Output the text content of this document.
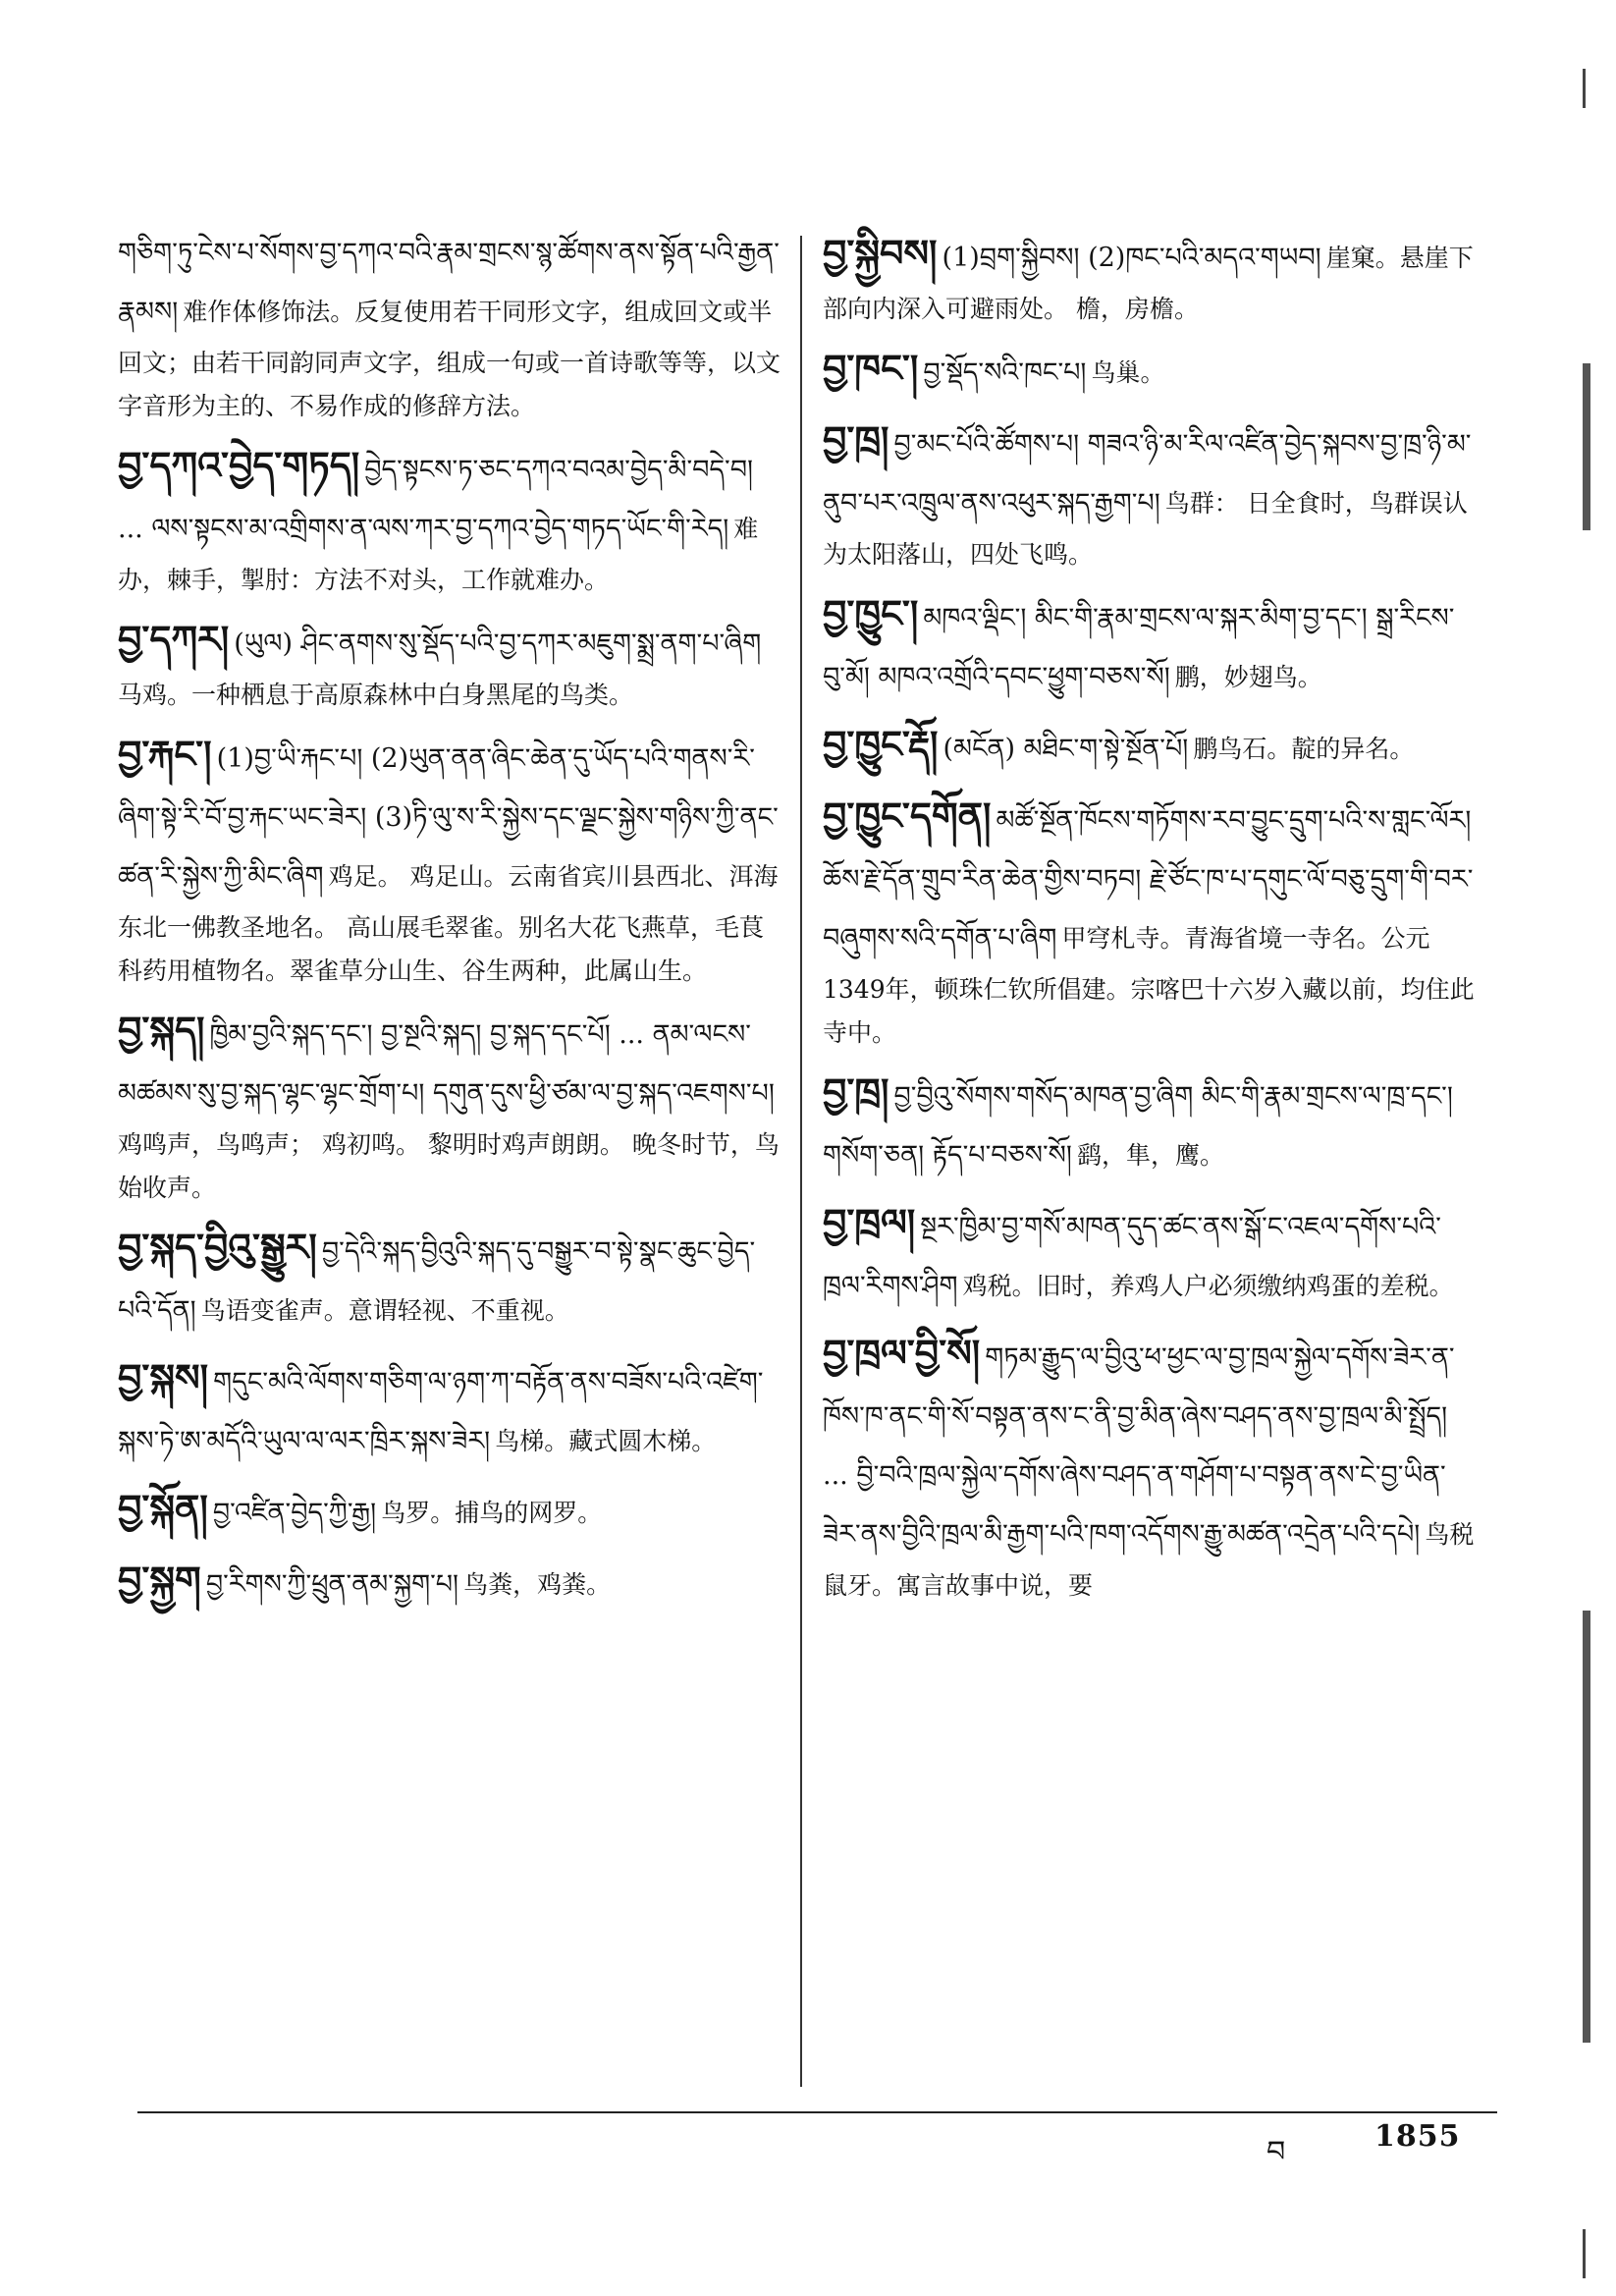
གཅིག་ཏུ་ངེས་པ་སོགས་བྱ་དཀའ་བའི་རྣམ་གྲངས་སྙ་ཚོགས་ནས་སྟོན་པའི་རྒྱན་རྣམས། 难作体修饰法。反复使用若干同形文字，组成回文或半回文；由若干同韵同声文字，组成一句或一首诗歌等等，以文字音形为主的、不易作成的修辞方法。
བྱ་དཀའ་བྱེད་གཏད། བྱེད་སྟངས་ཏ་ཅང་དཀའ་བའམ་བྱེད་མི་བདེ་བ། ... ལས་སྟངས་མ་འགྲིགས་ན་ལས་ཀར་བྱ་དཀའ་བྱེད་གཏད་ཡོང་གི་རེད། 难办，棘手，掣肘：方法不对头，工作就难办。
བྱ་དཀར། (ཡུལ) ཤིང་ནགས་སུ་སྡོད་པའི་བྱ་དཀར་མཇུག་སྨྲ་ནག་པ་ཞིག 马鸡。一种栖息于高原森林中白身黑尾的鸟类。
བྱ་རྐང་། (1)བྱ་ཡི་རྐང་པ། (2)ཡུན་ནན་ཞིང་ཆེན་དུ་ཡོད་པའི་གནས་རི་ཞིག་སྟེ་རི་བོ་བྱ་རྐང་ཡང་ཟེར། (3)ཏི་ལུ་ས་རི་སྐྱེས་དང་ལྗང་སྐྱེས་གཉིས་ཀྱི་ནང་ཚན་རི་སྐྱེས་ཀྱི་མིང་ཞིག 鸡足。 鸡足山。云南省宾川县西北、洱海东北一佛教圣地名。 高山展毛翠雀。别名大花飞燕草，毛茛科药用植物名。翠雀草分山生、谷生两种，此属山生。
བྱ་སྐད། ཁྱིམ་བྱའི་སྐད་དང་། བྱ་སྔའི་སྐད། བྱ་སྐད་དང་པོ། ... ནམ་ལངས་མཚམས་སུ་བྱ་སྐད་ལྷང་ལྷང་གྲོག་པ། དགུན་དུས་ཕྱི་ཙམ་ལ་བྱ་སྐད་འཇགས་པ། 鸡鸣声，鸟鸣声； 鸡初鸣。 黎明时鸡声朗朗。 晚冬时节，鸟始收声。
བྱ་སྐད་བྱིའུ་སྒྱུར། བྱ་དེའི་སྐད་བྱིའུའི་སྐད་དུ་བསྒྱུར་བ་སྟེ་སྣང་ཆུང་བྱེད་པའི་དོན། 鸟语变雀声。意谓轻视、不重视。
བྱ་སྐས། གདུང་མའི་ལོགས་གཅིག་ལ་ཉག་ཀ་བརྟོན་ནས་བཟོས་པའི་འཛེག་སྐས་ཏེ་ཨ་མདོའི་ཡུལ་ལ་ལར་ཁྲིར་སྐས་ཟེར། 鸟梯。藏式圆木梯。
བྱ་སྐོན། བྱ་འཛིན་བྱེད་ཀྱི་རྒྱ། 鸟罗。捕鸟的网罗。
བྱ་སྐྱག བྱ་རིགས་ཀྱི་ཕྲུན་ནམ་སྐྱག་པ། 鸟粪，鸡粪。
བྱ་སྐྱིབས། (1)བྲག་སྐྱིབས། (2)ཁང་པའི་མདའ་གཡབ། 崖窠。悬崖下部向内深入可避雨处。 檐，房檐。
བྱ་ཁང་། བྱ་སྡོད་སའི་ཁང་པ། 鸟巢。
བྱ་ཁྲ། བྱ་མང་པོའི་ཚོགས་པ། གཟའ་ཉི་མ་རིལ་འཛིན་བྱེད་སྐབས་བྱ་ཁྲ་ཉི་མ་ནུབ་པར་འཁྲུལ་ནས་འཕུར་སྐད་རྒྱག་པ། 鸟群： 日全食时，鸟群误认为太阳落山，四处飞鸣。
བྱ་ཁྱུང་། མཁའ་ལྡིང་། མིང་གི་རྣམ་གྲངས་ལ་སྐར་མིག་བྱ་དང་། སྒྲ་རིངས་བུ་མོ། མཁའ་འགྲོའི་དབང་ཕྱུག་བཅས་སོ། 鹏，妙翅鸟。
བྱ་ཁྱུང་རྡོ། (མངོན) མཐིང་ག་སྟེ་སྔོན་པོ། 鹏鸟石。靛的异名。
བྱ་ཁྱུང་དགོན། མཚོ་སྔོན་ཁོངས་གཏོགས་རབ་བྱུང་དྲུག་པའི་ས་གླང་ལོར། ཆོས་རྗེ་དོན་གྲུབ་རིན་ཆེན་གྱིས་བཏབ། རྗེ་ཙོང་ཁ་པ་དགུང་ལོ་བཅུ་དྲུག་གི་བར་བཞུགས་སའི་དགོན་པ་ཞིག 甲穹札寺。青海省境一寺名。公元1349年，顿珠仁钦所倡建。宗喀巴十六岁入藏以前，均住此寺中。
བྱ་ཁྲ། བྱ་བྱིའུ་སོགས་གསོད་མཁན་བྱ་ཞིག མིང་གི་རྣམ་གྲངས་ལ་ཁྲ་དང་། གསོག་ཅན། རྟོད་པ་བཅས་སོ། 鹞，隼，鹰。
བྱ་ཁྲལ། སྔར་ཁྱིམ་བྱ་གསོ་མཁན་དུད་ཚང་ནས་སྒོ་ང་འཇལ་དགོས་པའི་ཁྲལ་རིགས་ཤིག 鸡税。旧时，养鸡人户必须缴纳鸡蛋的差税。
བྱ་ཁྲལ་བྱི་སོ། གཏམ་རྒྱུད་ལ་བྱིའུ་ཕ་ཕྱང་ལ་བྱ་ཁྲལ་སྐྱེལ་དགོས་ཟེར་ན་ཁོས་ཁ་ནང་གི་སོ་བསྟན་ནས་ང་ནི་བྱ་མིན་ཞེས་བཤད་ནས་བྱ་ཁྲལ་མི་སྤྲོད། ... བྱི་བའི་ཁྲལ་སྐྱེལ་དགོས་ཞེས་བཤད་ན་གཤོག་པ་བསྟན་ནས་ངེ་བྱ་ཡིན་ཟེར་ནས་བྱིའི་ཁྲལ་མི་རྒྱག་པའི་ཁག་འདོགས་རྒྱུ་མཚན་འདྲེན་པའི་དཔེ། 鸟税鼠牙。寓言故事中说，要
བ	1855
